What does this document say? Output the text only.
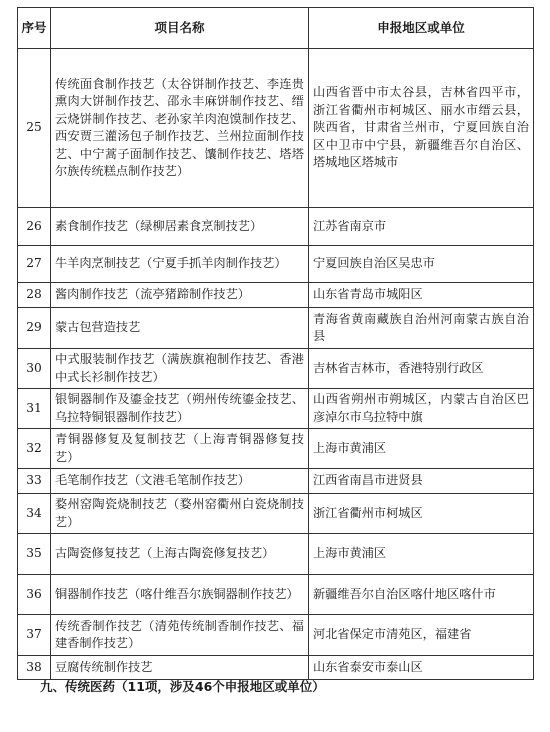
序号	项目名称	申报地区或单位
25	传统面食制作技艺（太谷饼制作技艺、李连贵熏肉大饼制作技艺、邵永丰麻饼制作技艺、缙云烧饼制作技艺、老孙家羊肉泡馍制作技艺、西安贾三灌汤包子制作技艺、兰州拉面制作技艺、中宁蒿子面制作技艺、馕制作技艺、塔塔尔族传统糕点制作技艺）	山西省晋中市太谷县，吉林省四平市，浙江省衢州市柯城区、丽水市缙云县，陕西省，甘肃省兰州市，宁夏回族自治区中卫市中宁县，新疆维吾尔自治区、塔城地区塔城市
26	素食制作技艺（绿柳居素食烹制技艺）	江苏省南京市
27	牛羊肉烹制技艺（宁夏手抓羊肉制作技艺）	宁夏回族自治区吴忠市
28	酱肉制作技艺（流亭猪蹄制作技艺）	山东省青岛市城阳区
29	蒙古包营造技艺	青海省黄南藏族自治州河南蒙古族自治县
30	中式服装制作技艺（满族旗袍制作技艺、香港中式长衫制作技艺）	吉林省吉林市，香港特别行政区
31	银铜器制作及鎏金技艺（朔州传统鎏金技艺、乌拉特铜银器制作技艺）	山西省朔州市朔城区，内蒙古自治区巴彦淖尔市乌拉特中旗
32	青铜器修复及复制技艺（上海青铜器修复技艺）	上海市黄浦区
33	毛笔制作技艺（文港毛笔制作技艺）	江西省南昌市进贤县
34	婺州窑陶瓷烧制技艺（婺州窑衢州白瓷烧制技艺）	浙江省衢州市柯城区
35	古陶瓷修复技艺（上海古陶瓷修复技艺）	上海市黄浦区
36	铜器制作技艺（喀什维吾尔族铜器制作技艺）	新疆维吾尔自治区喀什地区喀什市
37	传统香制作技艺（清苑传统制香制作技艺、福建香制作技艺）	河北省保定市清苑区，福建省
38	豆腐传统制作技艺	山东省泰安市泰山区
九、传统医药（11项，涉及46个申报地区或单位）
